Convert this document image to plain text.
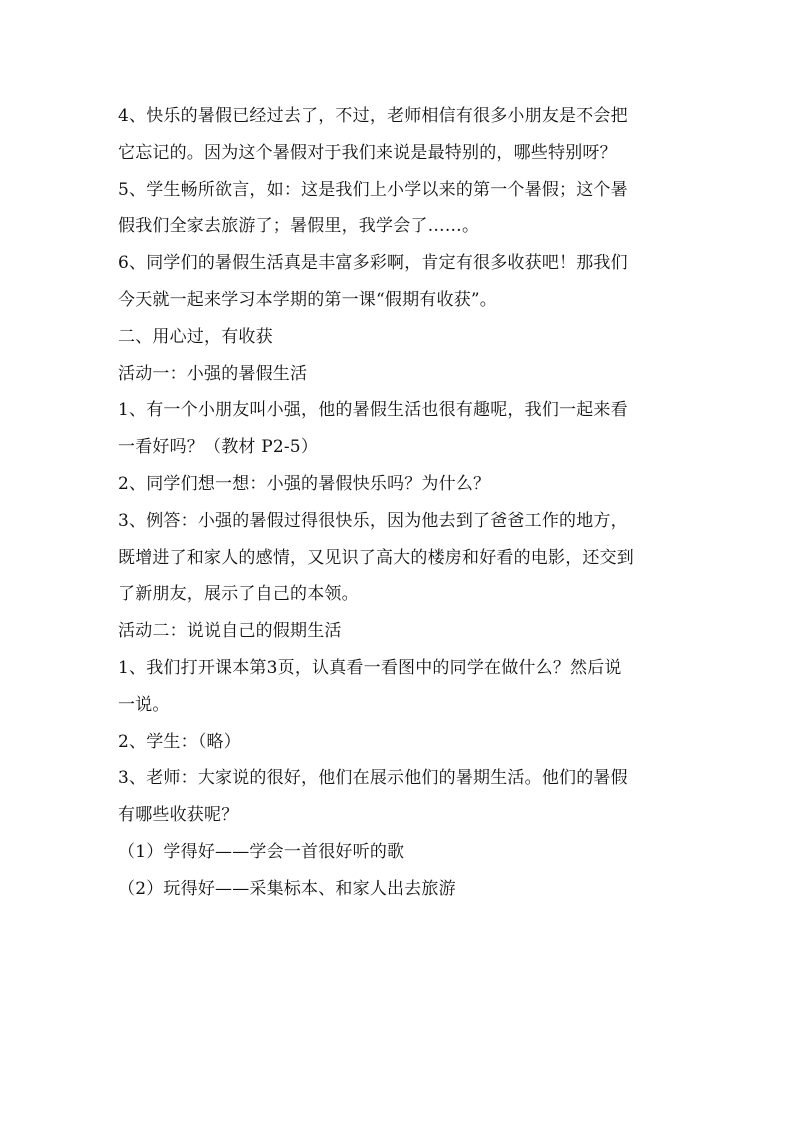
4、快乐的暑假已经过去了，不过，老师相信有很多小朋友是不会把
它忘记的。因为这个暑假对于我们来说是最特别的，哪些特别呀？
5、学生畅所欲言，如：这是我们上小学以来的第一个暑假；这个暑
假我们全家去旅游了；暑假里，我学会了……。
6、同学们的暑假生活真是丰富多彩啊，肯定有很多收获吧！那我们
今天就一起来学习本学期的第一课“假期有收获”。
二、用心过，有收获
活动一：小强的暑假生活
1、有一个小朋友叫小强，他的暑假生活也很有趣呢，我们一起来看
一看好吗？（教材 P2-5）
2、同学们想一想：小强的暑假快乐吗？为什么？
3、例答：小强的暑假过得很快乐，因为他去到了爸爸工作的地方，
既增进了和家人的感情，又见识了高大的楼房和好看的电影，还交到
了新朋友，展示了自己的本领。
活动二：说说自己的假期生活
1、我们打开课本第3页，认真看一看图中的同学在做什么？然后说
一说。
2、学生：（略）
3、老师：大家说的很好，他们在展示他们的暑期生活。他们的暑假
有哪些收获呢？
（1）学得好——学会一首很好听的歌
（2）玩得好——采集标本、和家人出去旅游
